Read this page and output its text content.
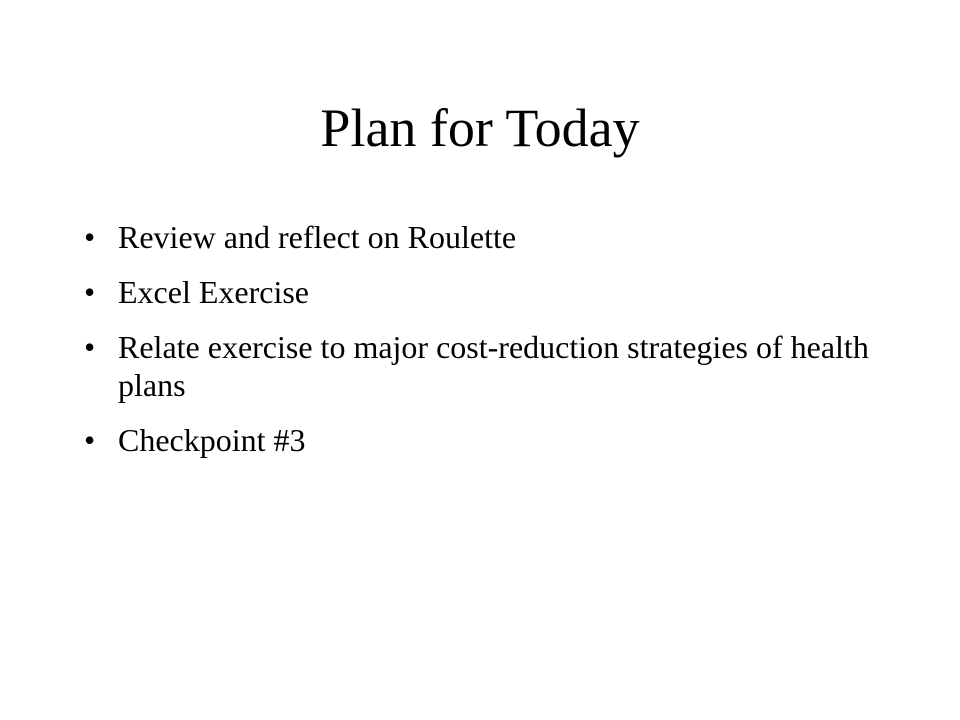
Plan for Today
• Review and reflect on Roulette
• Excel Exercise
• Relate exercise to major cost-reduction strategies of health plans
• Checkpoint #3
